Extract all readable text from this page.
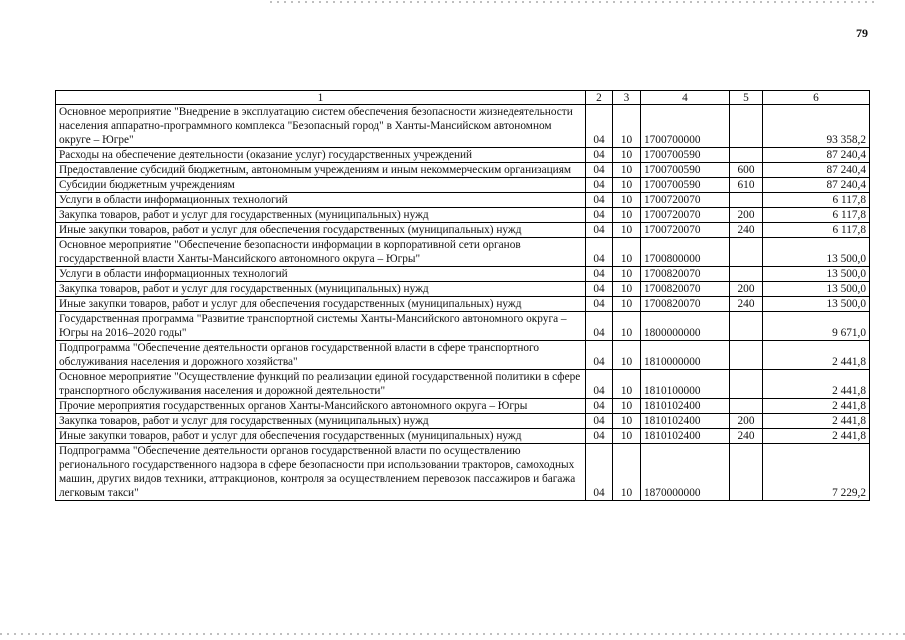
79
1	2	3	4	5	6
Основное мероприятие "Внедрение в эксплуатацию систем обеспечения безопасности жизнедеятельности населения аппаратно-программного комплекса "Безопасный город" в Ханты-Мансийском автономном округе – Югре"	04	10	1700700000		93 358,2
Расходы на обеспечение деятельности (оказание услуг) государственных учреждений	04	10	1700700590		87 240,4
Предоставление субсидий бюджетным, автономным учреждениям и иным некоммерческим организациям	04	10	1700700590	600	87 240,4
Субсидии бюджетным учреждениям	04	10	1700700590	610	87 240,4
Услуги в области информационных технологий	04	10	1700720070		6 117,8
Закупка товаров, работ и услуг для государственных (муниципальных) нужд	04	10	1700720070	200	6 117,8
Иные закупки товаров, работ и услуг для обеспечения государственных (муниципальных) нужд	04	10	1700720070	240	6 117,8
Основное мероприятие "Обеспечение безопасности информации в корпоративной сети органов государственной власти Ханты-Мансийского автономного округа – Югры"	04	10	1700800000		13 500,0
Услуги в области информационных технологий	04	10	1700820070		13 500,0
Закупка товаров, работ и услуг для государственных (муниципальных) нужд	04	10	1700820070	200	13 500,0
Иные закупки товаров, работ и услуг для обеспечения государственных (муниципальных) нужд	04	10	1700820070	240	13 500,0
Государственная программа "Развитие транспортной системы Ханты-Мансийского автономного округа – Югры на 2016–2020 годы"	04	10	1800000000		9 671,0
Подпрограмма "Обеспечение деятельности органов государственной власти в сфере транспортного обслуживания населения и дорожного хозяйства"	04	10	1810000000		2 441,8
Основное мероприятие "Осуществление функций по реализации единой государственной политики в сфере транспортного обслуживания населения и дорожной деятельности"	04	10	1810100000		2 441,8
Прочие мероприятия государственных органов Ханты-Мансийского автономного округа – Югры	04	10	1810102400		2 441,8
Закупка товаров, работ и услуг для государственных (муниципальных) нужд	04	10	1810102400	200	2 441,8
Иные закупки товаров, работ и услуг для обеспечения государственных (муниципальных) нужд	04	10	1810102400	240	2 441,8
Подпрограмма "Обеспечение деятельности органов государственной власти по осуществлению регионального государственного надзора в сфере безопасности при использовании тракторов, самоходных машин, других видов техники, аттракционов, контроля за осуществлением перевозок пассажиров и багажа легковым такси"	04	10	1870000000		7 229,2
